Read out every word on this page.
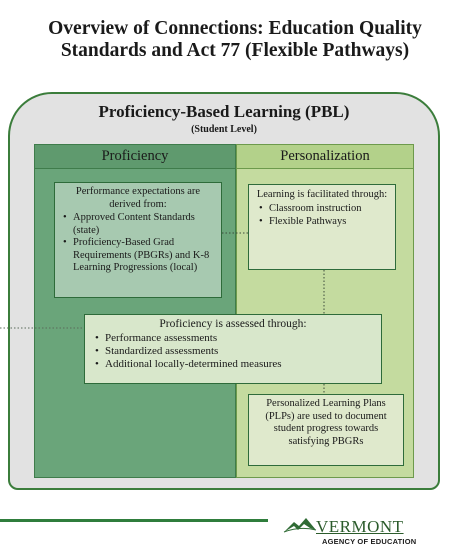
Overview of Connections: Education Quality Standards and Act 77 (Flexible Pathways)
Proficiency-Based Learning (PBL)
(Student Level)
Proficiency	Personalization
Performance expectations are derived from:
• Approved Content Standards (state)
• Proficiency-Based Grad Requirements (PBGRs) and K-8 Learning Progressions (local)
Learning is facilitated through:
• Classroom instruction
• Flexible Pathways
Proficiency is assessed through:
• Performance assessments
• Standardized assessments
• Additional locally-determined measures
Personalized Learning Plans (PLPs) are used to document student progress towards satisfying PBGRs
VERMONT
AGENCY OF EDUCATION
